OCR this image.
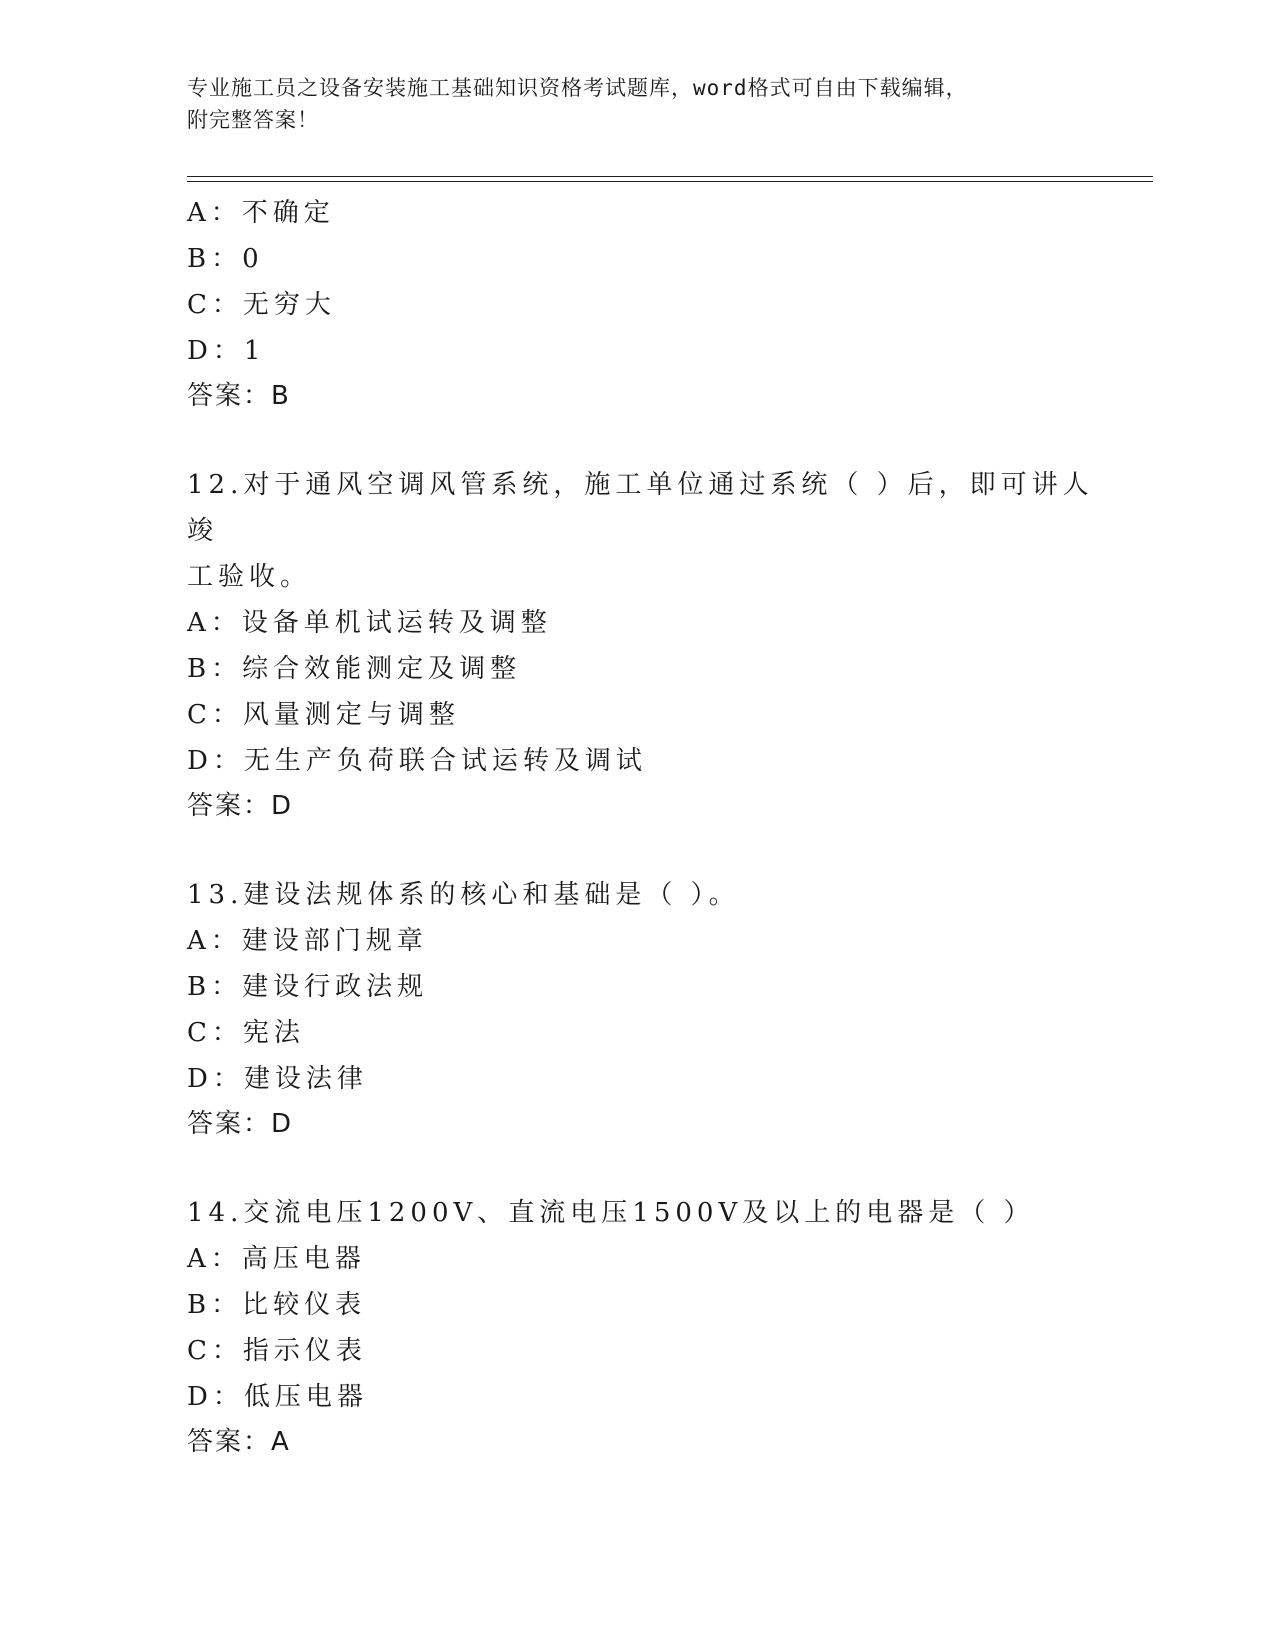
专业施工员之设备安装施工基础知识资格考试题库，word格式可自由下载编辑，
附完整答案！
A：不确定
B：0
C：无穷大
D：1
答案：B
12.对于通风空调风管系统，施工单位通过系统（ ）后，即可讲人竣
工验收。
A：设备单机试运转及调整
B：综合效能测定及调整
C：风量测定与调整
D：无生产负荷联合试运转及调试
答案：D
13.建设法规体系的核心和基础是（ ）。
A：建设部门规章
B：建设行政法规
C：宪法
D：建设法律
答案：D
14.交流电压1200V、直流电压1500V及以上的电器是（ ）
A：高压电器
B：比较仪表
C：指示仪表
D：低压电器
答案：A
